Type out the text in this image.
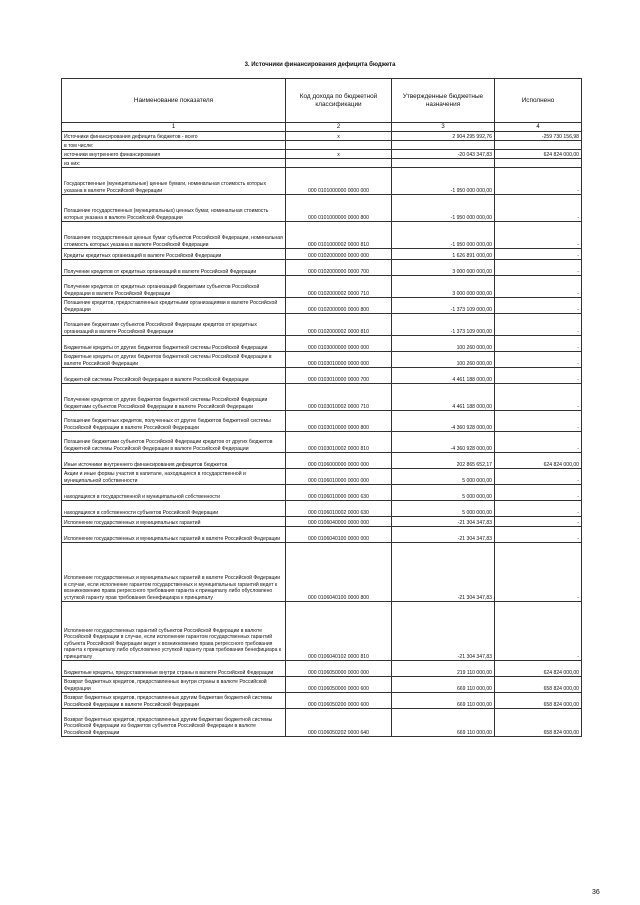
3. Источники финансирования дефицита бюджета
Наименование показателя	Код дохода по бюджетной классификации	Утвержденные бюджетные назначения	Исполнено
1	2	3	4
Источники финансирования дефицита бюджетов - всего	x	2 904 295 992,76	-259 730 156,98
в том числе:			
источники внутреннего финансирования	x	-20 043 347,83	624 824 000,00
из них:			
Государственные (муниципальные) ценные бумаги, номинальная стоимость которых указана в валюте Российской Федерации	000 0101000000 0000 000	-1 950 000 000,00	-
Погашение государственных (муниципальных) ценных бумаг, номинальная стоимость которых указана в валюте Российской Федерации	000 0101000000 0000 800	-1 950 000 000,00	-
Погашение государственных ценных бумаг субъектов Российской Федерации, номинальная стоимость которых указана в валюте Российской Федерации	000 0101000002 0000 810	-1 950 000 000,00	-
Кредиты кредитных организаций в валюте Российской Федерации	000 0102000000 0000 000	1 626 891 000,00	-
Получение кредитов от кредитных организаций в валюте Российской Федерации	000 0102000000 0000 700	3 000 000 000,00	-
Получение кредитов от кредитных организаций бюджетами субъектов Российской Федерации в валюте Российской Федерации	000 0102000002 0000 710	3 000 000 000,00	-
Погашение кредитов, предоставленных кредитными организациями в валюте Российской Федерации	000 0102000000 0000 800	-1 373 109 000,00	-
Погашение бюджетами субъектов Российской Федерации кредитов от кредитных организаций в валюте Российской Федерации	000 0102000002 0000 810	-1 373 109 000,00	-
Бюджетные кредиты от других бюджетов бюджетной системы Российской Федерации	000 0103000000 0000 000	100 260 000,00	-
Бюджетные кредиты от других бюджетов бюджетной системы Российской Федерации в валюте Российской Федерации	000 0103010000 0000 000	100 260 000,00	-
бюджетной системы Российской Федерации в валюте Российской Федерации	000 0103010000 0000 700	4 461 188 000,00	-
Получение кредитов от других бюджетов бюджетной системы Российской Федерации бюджетами субъектов Российской Федерации в валюте Российской Федерации	000 0103010002 0000 710	4 461 188 000,00	-
Погашение бюджетных кредитов, полученных от других бюджетов бюджетной системы Российской Федерации в валюте Российской Федерации	000 0103010000 0000 800	-4 360 928 000,00	-
Погашение бюджетами субъектов Российской Федерации кредитов от других бюджетов бюджетной системы Российской Федерации в валюте Российской Федерации	000 0103010002 0000 810	-4 360 928 000,00	-
Иные источники внутреннего финансирования дефицитов бюджетов	000 0106000000 0000 000	202 865 652,17	624 824 000,00
Акции и иные формы участия в капитале, находящиеся в государственной и муниципальной собственности	000 0106010000 0000 000	5 000 000,00	-
находящихся в государственной и муниципальной собственности	000 0106010000 0000 630	5 000 000,00	-
находящихся в собственности субъектов Российской Федерации	000 0106010002 0000 630	5 000 000,00	-
Исполнение государственных и муниципальных гарантий	000 0106040000 0000 000	-21 304 347,83	-
Исполнение государственных и муниципальных гарантий в валюте Российской Федерации	000 0106040100 0000 000	-21 304 347,83	-
Исполнение государственных и муниципальных гарантий в валюте Российской Федерации в случае, если исполнение гарантом государственных и муниципальных гарантий ведет к возникновению права регрессного требования гаранта к принципалу либо обусловлено уступкой гаранту прав требования бенефициара к принципалу	000 0106040100 0000 800	-21 304 347,83	-
Исполнение государственных гарантий субъектов Российской Федерации в валюте Российской Федерации в случае, если исполнение гарантом государственных гарантий субъекта Российской Федерации ведет к возникновению права регрессного требования гаранта к принципалу либо обусловлено уступкой гаранту прав требования бенефициара к принципалу	000 0106040102 0000 810	-21 304 347,83	-
Бюджетные кредиты, предоставленные внутри страны в валюте Российской Федерации	000 0106050000 0000 000	219 110 000,00	624 824 000,00
Возврат бюджетных кредитов, предоставленных внутри страны в валюте Российской Федерации	000 0106050000 0000 600	669 110 000,00	658 824 000,00
Возврат бюджетных кредитов, предоставленных другим бюджетам бюджетной системы Российской Федерации в валюте Российской Федерации	000 0106050200 0000 600	669 110 000,00	658 824 000,00
Возврат бюджетных кредитов, предоставленных другим бюджетам бюджетной системы Российской Федерации из бюджетов субъектов Российской Федерации в валюте Российской Федерации	000 0106050202 0000 640	669 110 000,00	658 824 000,00
36
